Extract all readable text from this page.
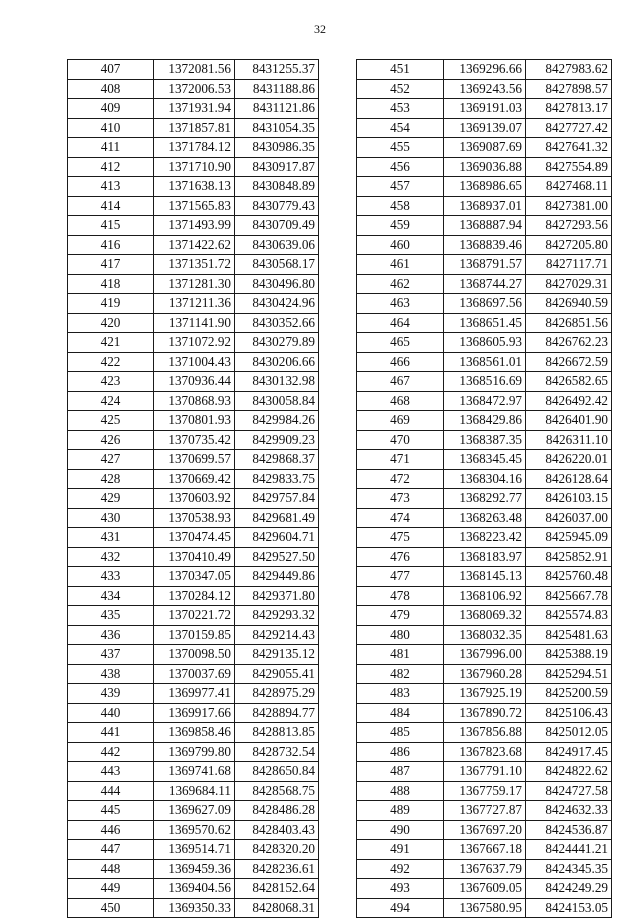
32
407	1372081.56	8431255.37
408	1372006.53	8431188.86
409	1371931.94	8431121.86
410	1371857.81	8431054.35
411	1371784.12	8430986.35
412	1371710.90	8430917.87
413	1371638.13	8430848.89
414	1371565.83	8430779.43
415	1371493.99	8430709.49
416	1371422.62	8430639.06
417	1371351.72	8430568.17
418	1371281.30	8430496.80
419	1371211.36	8430424.96
420	1371141.90	8430352.66
421	1371072.92	8430279.89
422	1371004.43	8430206.66
423	1370936.44	8430132.98
424	1370868.93	8430058.84
425	1370801.93	8429984.26
426	1370735.42	8429909.23
427	1370699.57	8429868.37
428	1370669.42	8429833.75
429	1370603.92	8429757.84
430	1370538.93	8429681.49
431	1370474.45	8429604.71
432	1370410.49	8429527.50
433	1370347.05	8429449.86
434	1370284.12	8429371.80
435	1370221.72	8429293.32
436	1370159.85	8429214.43
437	1370098.50	8429135.12
438	1370037.69	8429055.41
439	1369977.41	8428975.29
440	1369917.66	8428894.77
441	1369858.46	8428813.85
442	1369799.80	8428732.54
443	1369741.68	8428650.84
444	1369684.11	8428568.75
445	1369627.09	8428486.28
446	1369570.62	8428403.43
447	1369514.71	8428320.20
448	1369459.36	8428236.61
449	1369404.56	8428152.64
450	1369350.33	8428068.31
451	1369296.66	8427983.62
452	1369243.56	8427898.57
453	1369191.03	8427813.17
454	1369139.07	8427727.42
455	1369087.69	8427641.32
456	1369036.88	8427554.89
457	1368986.65	8427468.11
458	1368937.01	8427381.00
459	1368887.94	8427293.56
460	1368839.46	8427205.80
461	1368791.57	8427117.71
462	1368744.27	8427029.31
463	1368697.56	8426940.59
464	1368651.45	8426851.56
465	1368605.93	8426762.23
466	1368561.01	8426672.59
467	1368516.69	8426582.65
468	1368472.97	8426492.42
469	1368429.86	8426401.90
470	1368387.35	8426311.10
471	1368345.45	8426220.01
472	1368304.16	8426128.64
473	1368292.77	8426103.15
474	1368263.48	8426037.00
475	1368223.42	8425945.09
476	1368183.97	8425852.91
477	1368145.13	8425760.48
478	1368106.92	8425667.78
479	1368069.32	8425574.83
480	1368032.35	8425481.63
481	1367996.00	8425388.19
482	1367960.28	8425294.51
483	1367925.19	8425200.59
484	1367890.72	8425106.43
485	1367856.88	8425012.05
486	1367823.68	8424917.45
487	1367791.10	8424822.62
488	1367759.17	8424727.58
489	1367727.87	8424632.33
490	1367697.20	8424536.87
491	1367667.18	8424441.21
492	1367637.79	8424345.35
493	1367609.05	8424249.29
494	1367580.95	8424153.05
